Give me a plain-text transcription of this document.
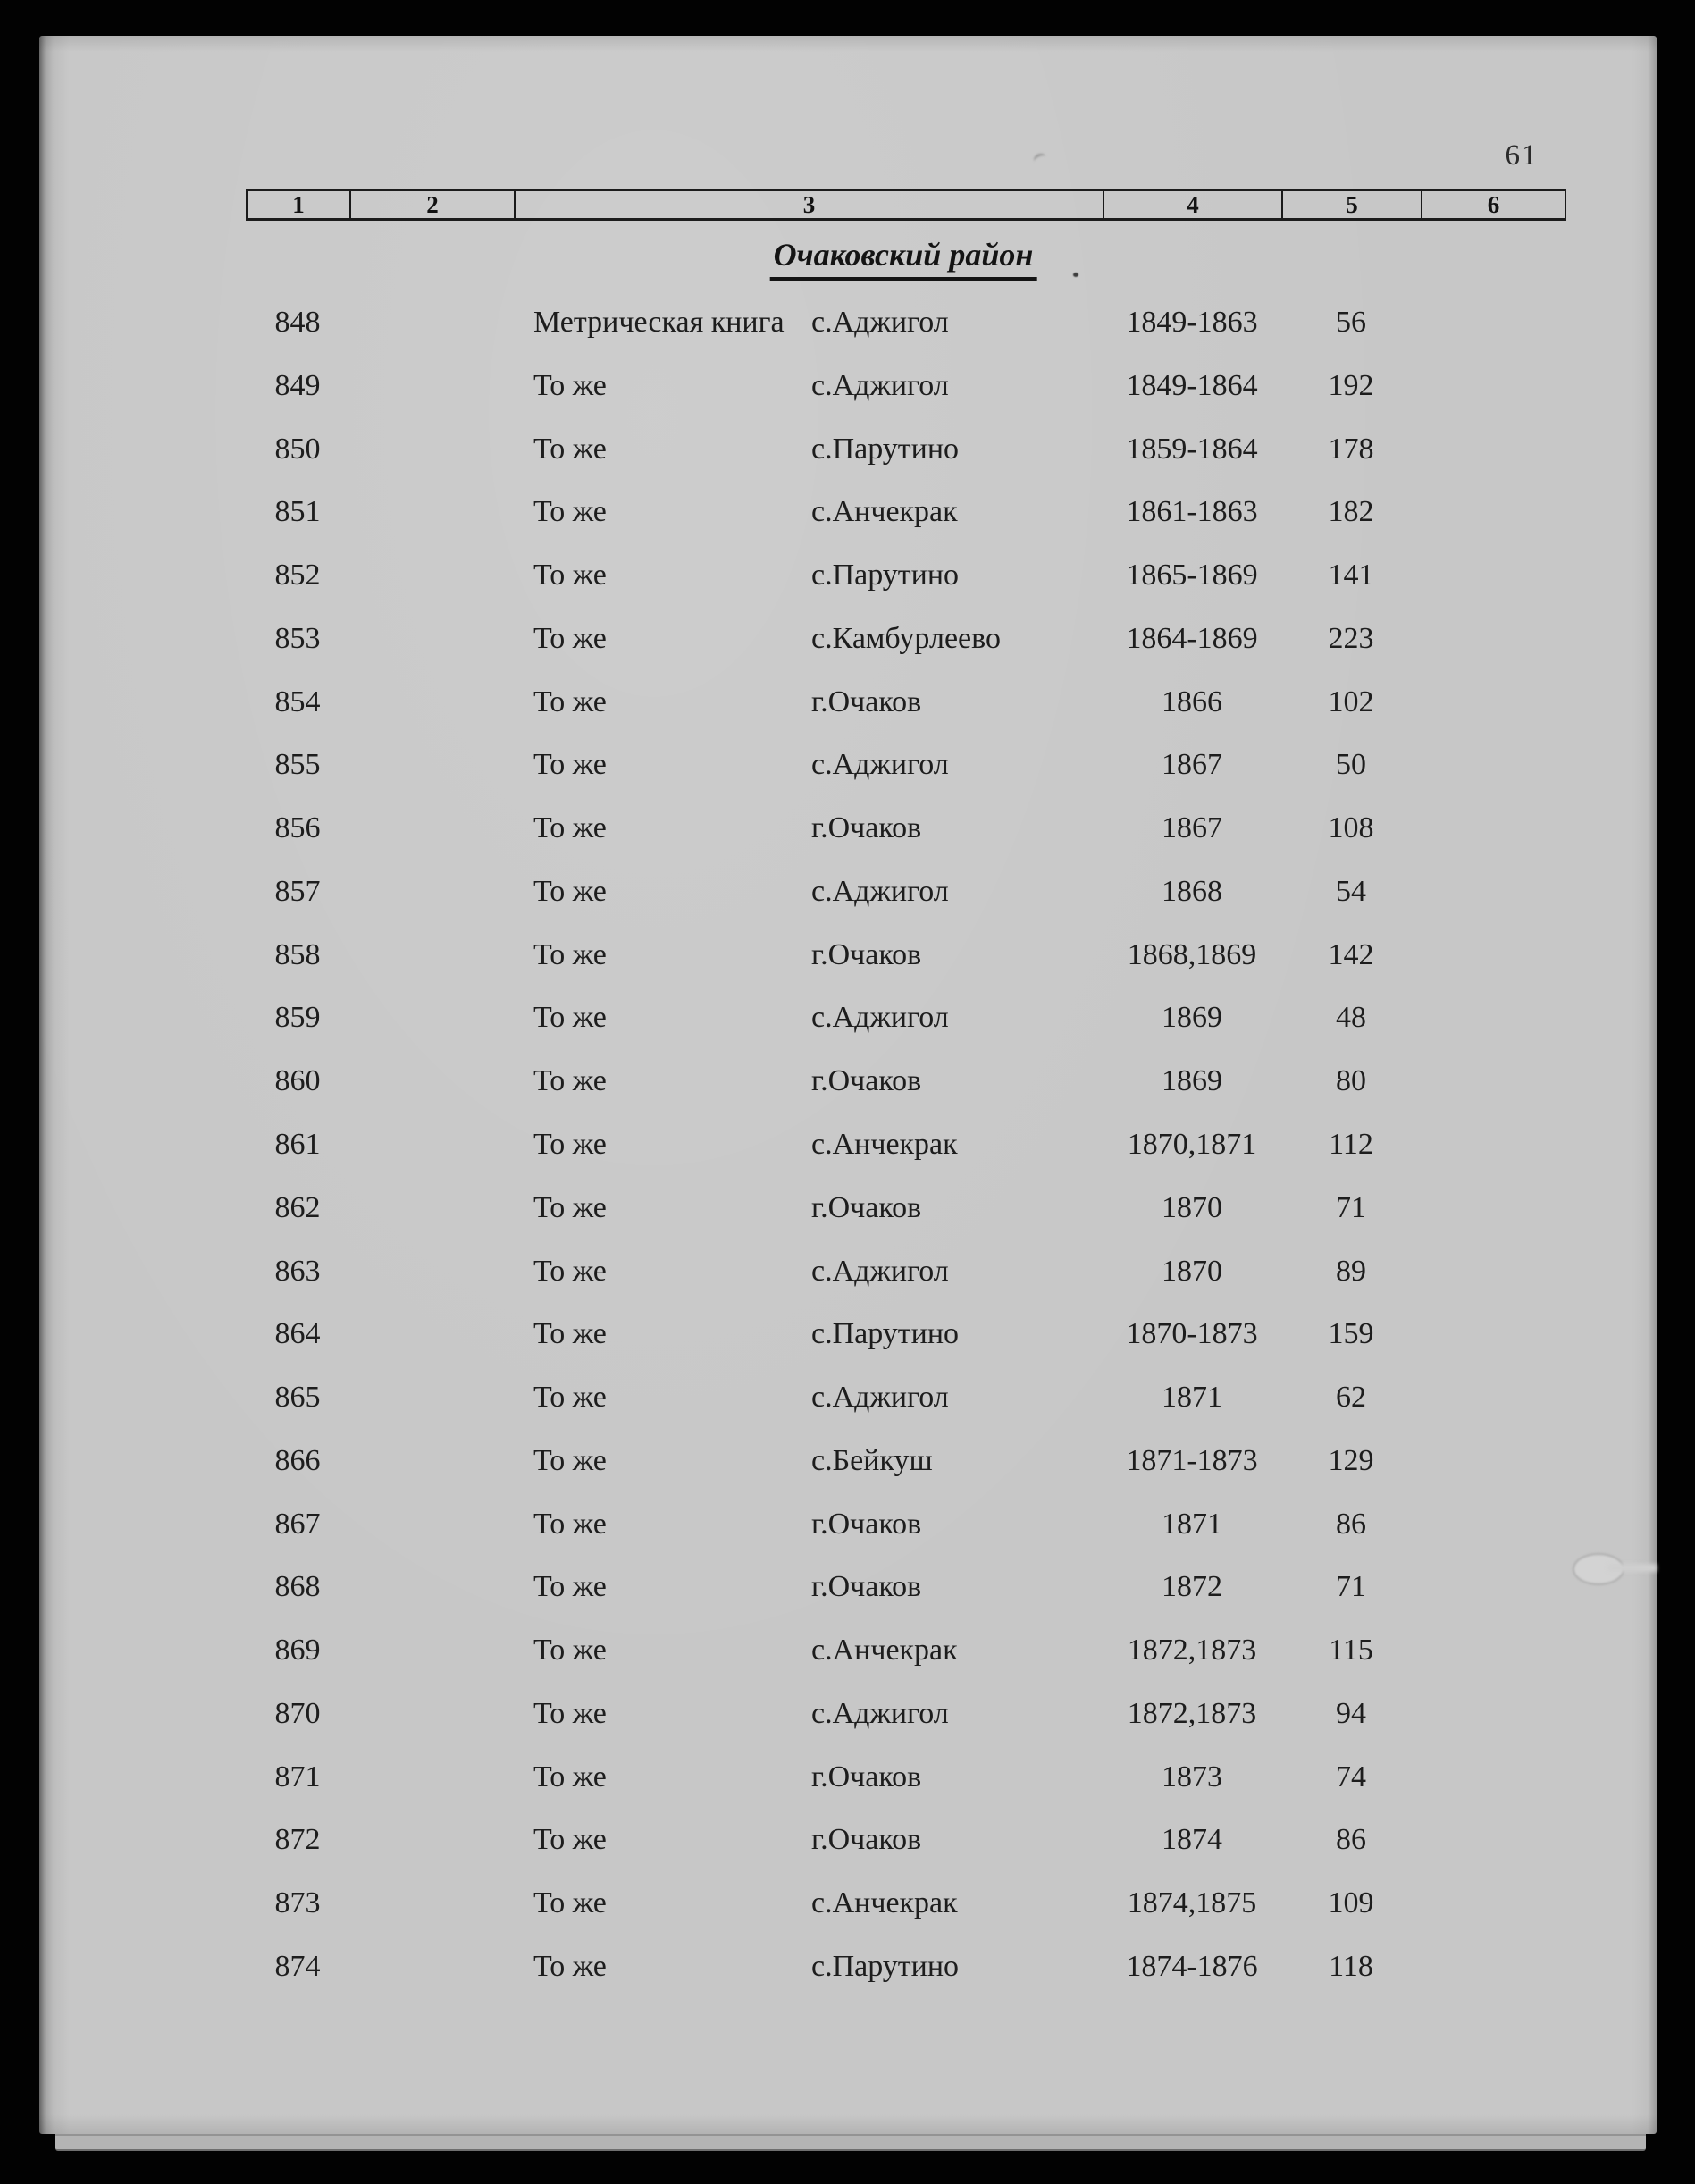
61
1	2	3	4	5	6
Очаковский район
848	Метрическая книга с.Аджигол	1849-1863	56
849	То же	с.Аджигол	1849-1864	192
850	То же	с.Парутино	1859-1864	178
851	То же	с.Анчекрак	1861-1863	182
852	То же	с.Парутино	1865-1869	141
853	То же	с.Камбурлеево	1864-1869	223
854	То же	г.Очаков	1866	102
855	То же	с.Аджигол	1867	50
856	То же	г.Очаков	1867	108
857	То же	с.Аджигол	1868	54
858	То же	г.Очаков	1868,1869	142
859	То же	с.Аджигол	1869	48
860	То же	г.Очаков	1869	80
861	То же	с.Анчекрак	1870,1871	112
862	То же	г.Очаков	1870	71
863	То же	с.Аджигол	1870	89
864	То же	с.Парутино	1870-1873	159
865	То же	с.Аджигол	1871	62
866	То же	с.Бейкуш	1871-1873	129
867	То же	г.Очаков	1871	86
868	То же	г.Очаков	1872	71
869	То же	с.Анчекрак	1872,1873	115
870	То же	с.Аджигол	1872,1873	94
871	То же	г.Очаков	1873	74
872	То же	г.Очаков	1874	86
873	То же	с.Анчекрак	1874,1875	109
874	То же	с.Парутино	1874-1876	118
